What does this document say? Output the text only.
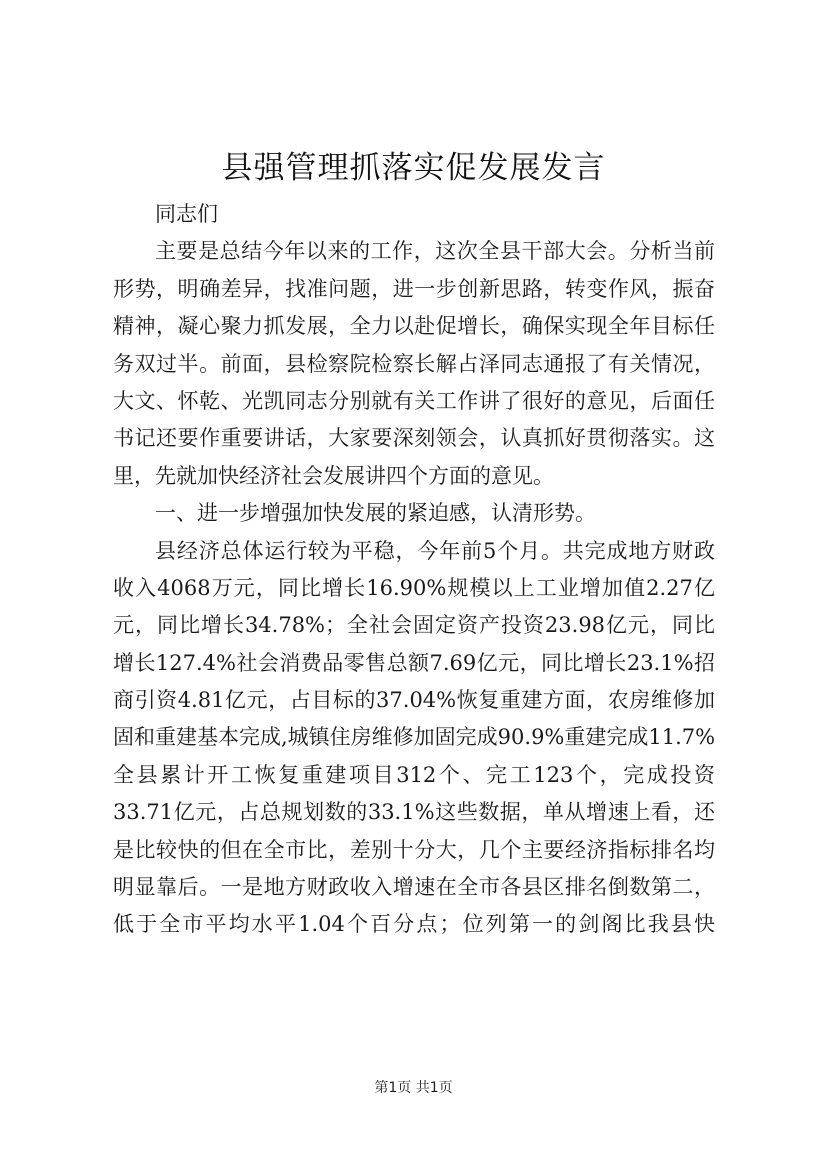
县强管理抓落实促发展发言
同志们
主要是总结今年以来的工作，这次全县干部大会。分析当前
形势，明确差异，找准问题，进一步创新思路，转变作风，振奋
精神，凝心聚力抓发展，全力以赴促增长，确保实现全年目标任
务双过半。前面，县检察院检察长解占泽同志通报了有关情况，
大文、怀乾、光凯同志分别就有关工作讲了很好的意见，后面任
书记还要作重要讲话，大家要深刻领会，认真抓好贯彻落实。这
里，先就加快经济社会发展讲四个方面的意见。
一、进一步增强加快发展的紧迫感，认清形势。
县经济总体运行较为平稳，今年前5个月。共完成地方财政
收入4068万元，同比增长16.90%规模以上工业增加值2.27亿
元，同比增长34.78%；全社会固定资产投资23.98亿元，同比
增长127.4%社会消费品零售总额7.69亿元，同比增长23.1%招
商引资4.81亿元，占目标的37.04%恢复重建方面，农房维修加
固和重建基本完成,城镇住房维修加固完成90.9%重建完成11.7%
全县累计开工恢复重建项目312个、完工123个，完成投资
33.71亿元，占总规划数的33.1%这些数据，单从增速上看，还
是比较快的但在全市比，差别十分大，几个主要经济指标排名均
明显靠后。一是地方财政收入增速在全市各县区排名倒数第二，
低于全市平均水平1.04个百分点；位列第一的剑阁比我县快
第1页 共1页
